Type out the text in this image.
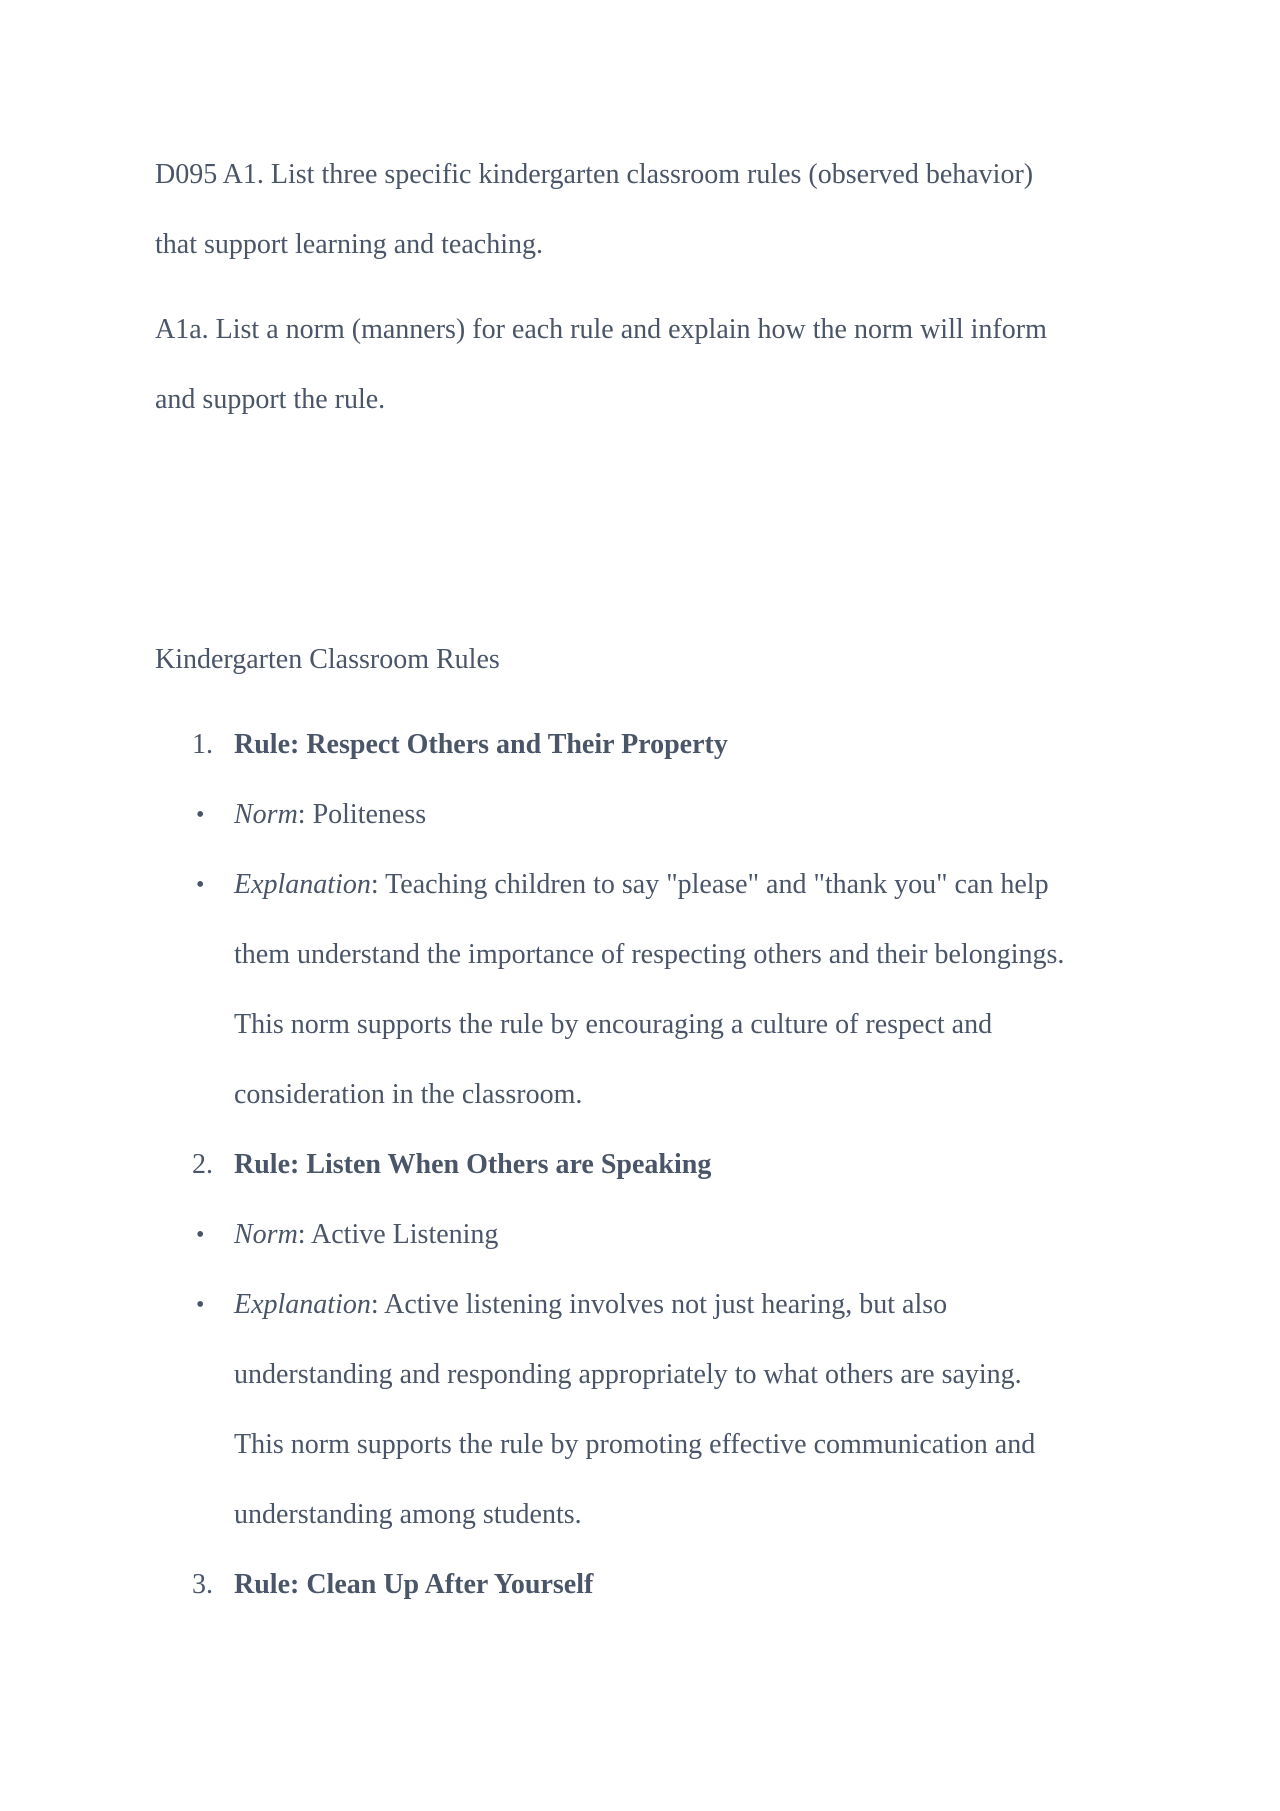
D095 A1. List three specific kindergarten classroom rules (observed behavior)
that support learning and teaching.
A1a. List a norm (manners) for each rule and explain how the norm will inform
and support the rule.
Kindergarten Classroom Rules
1. Rule: Respect Others and Their Property
• Norm: Politeness
• Explanation: Teaching children to say "please" and "thank you" can help
them understand the importance of respecting others and their belongings.
This norm supports the rule by encouraging a culture of respect and
consideration in the classroom.
2. Rule: Listen When Others are Speaking
• Norm: Active Listening
• Explanation: Active listening involves not just hearing, but also
understanding and responding appropriately to what others are saying.
This norm supports the rule by promoting effective communication and
understanding among students.
3. Rule: Clean Up After Yourself
